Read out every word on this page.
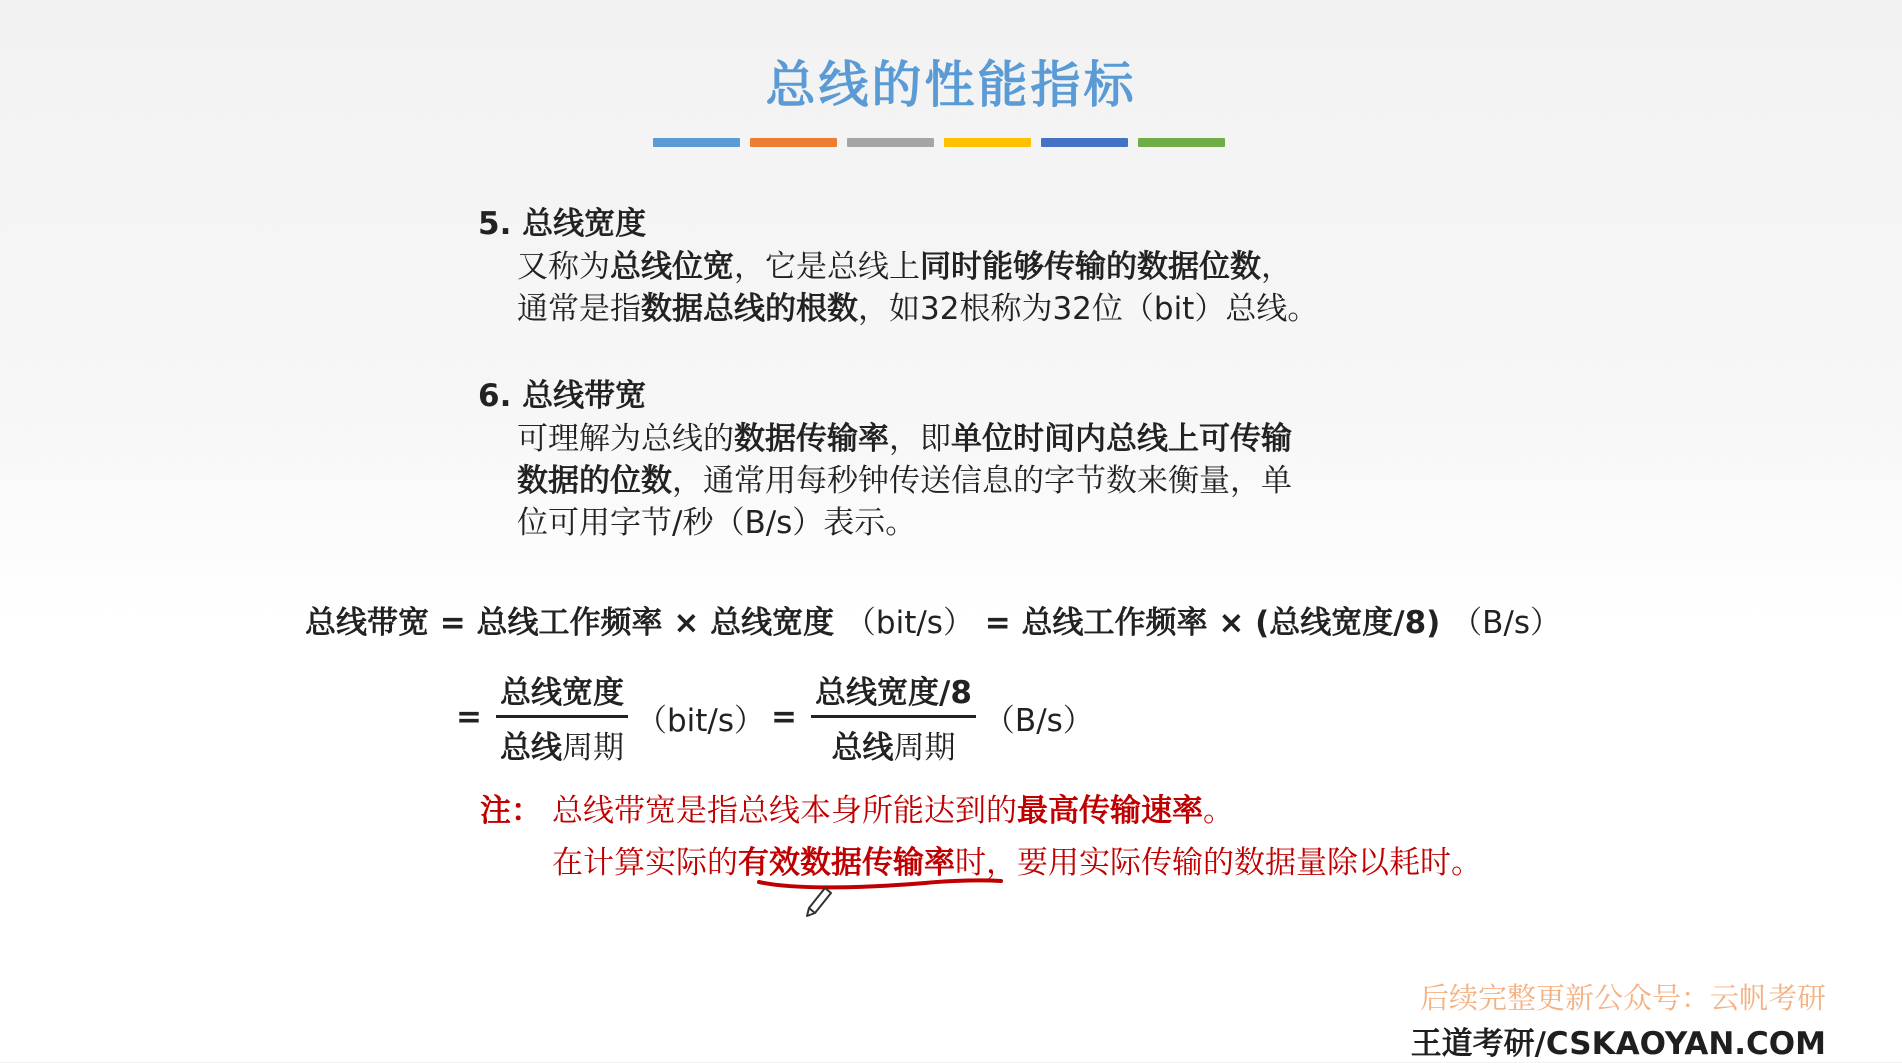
总线的性能指标
5. 总线宽度
又称为总线位宽，它是总线上同时能够传输的数据位数，
通常是指数据总线的根数，如32根称为32位（bit）总线。
6. 总线带宽
可理解为总线的数据传输率，即单位时间内总线上可传输
数据的位数，通常用每秒钟传送信息的字节数来衡量，单
位可用字节/秒（B/s）表示。
总线带宽 = 总线工作频率 × 总线宽度 （bit/s） = 总线工作频率 × (总线宽度/8) （B/s）
= $\frac{\text{总线宽度}}{\text{总线周期}} (bit/s) = \frac{\text{总线宽度/8}}{\text{总线周期}} (B/s)$
注： 总线带宽是指总线本身所能达到的最高传输速率。
在计算实际的有效数据传输率时，要用实际传输的数据量除以耗时。
后续完整更新公众号：云帆考研
王道考研/CSKAOYAN.COM
